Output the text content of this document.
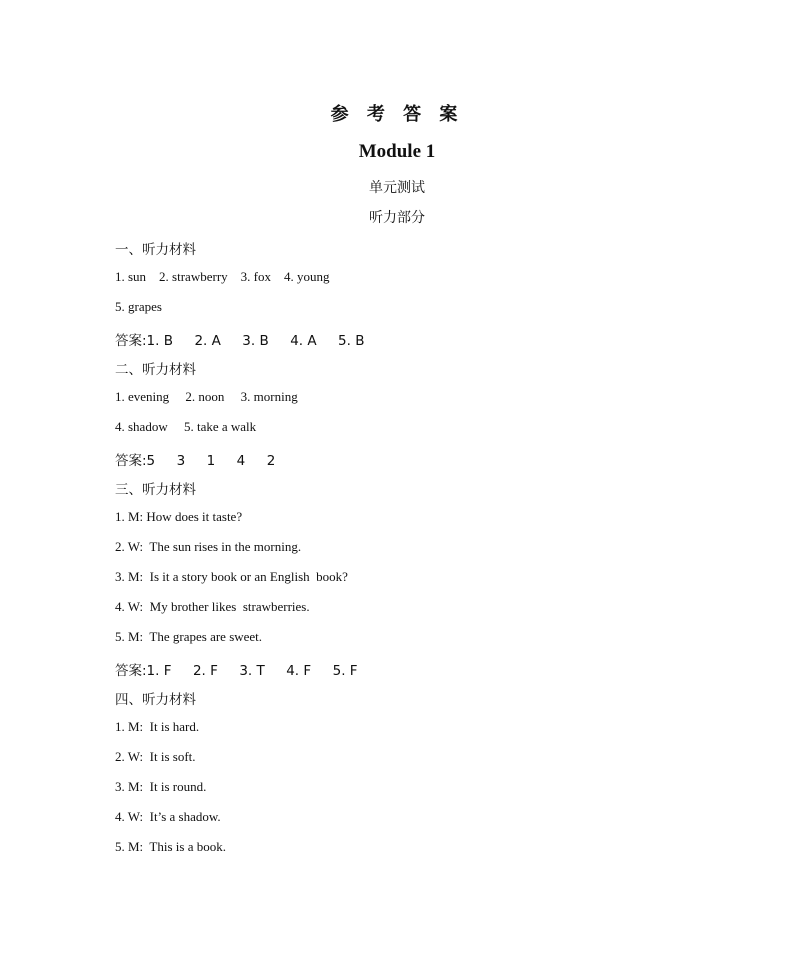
参 考 答 案
Module 1
单元测试
听力部分
一、听力材料
1. sun    2. strawberry    3. fox    4. young
5. grapes
答案:1. B     2. A     3. B     4. A     5. B
二、听力材料
1. evening     2. noon     3. morning
4. shadow     5. take a walk
答案:5     3     1     4     2
三、听力材料
1. M: How does it taste?
2. W:  The sun rises in the morning.
3. M:  Is it a story book or an English  book?
4. W:  My brother likes  strawberries.
5. M:  The grapes are sweet.
答案:1. F     2. F     3. T     4. F     5. F
四、听力材料
1. M:  It is hard.
2. W:  It is soft.
3. M:  It is round.
4. W:  It’s a shadow.
5. M:  This is a book.
